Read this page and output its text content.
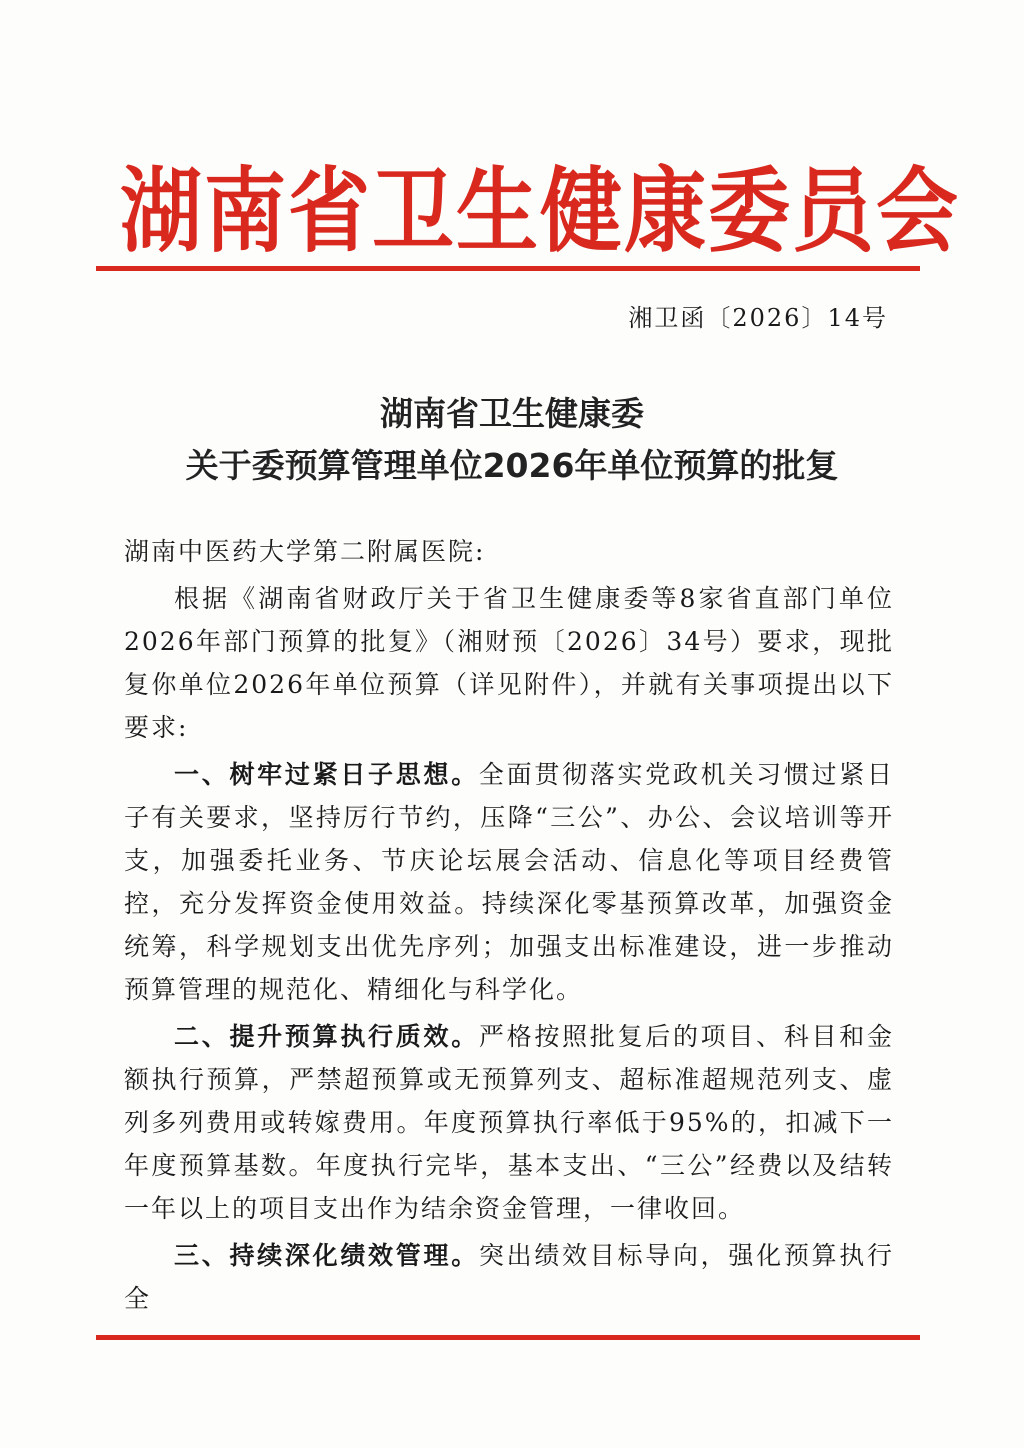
湖南省卫生健康委员会
湘卫函〔2026〕14号
湖南省卫生健康委
关于委预算管理单位2026年单位预算的批复

湖南中医药大学第二附属医院:

根据《湖南省财政厅关于省卫生健康委等8家省直部门单位2026年部门预算的批复》（湘财预〔2026〕34号）要求，现批复你单位2026年单位预算（详见附件），并就有关事项提出以下要求:

一、树牢过紧日子思想。全面贯彻落实党政机关习惯过紧日子有关要求，坚持厉行节约，压降“三公”、办公、会议培训等开支，加强委托业务、节庆论坛展会活动、信息化等项目经费管控，充分发挥资金使用效益。持续深化零基预算改革，加强资金统筹，科学规划支出优先序列；加强支出标准建设，进一步推动预算管理的规范化、精细化与科学化。

二、提升预算执行质效。严格按照批复后的项目、科目和金额执行预算，严禁超预算或无预算列支、超标准超规范列支、虚列多列费用或转嫁费用。年度预算执行率低于95%的，扣减下一年度预算基数。年度执行完毕，基本支出、“三公”经费以及结转一年以上的项目支出作为结余资金管理，一律收回。

三、持续深化绩效管理。突出绩效目标导向，强化预算执行全
